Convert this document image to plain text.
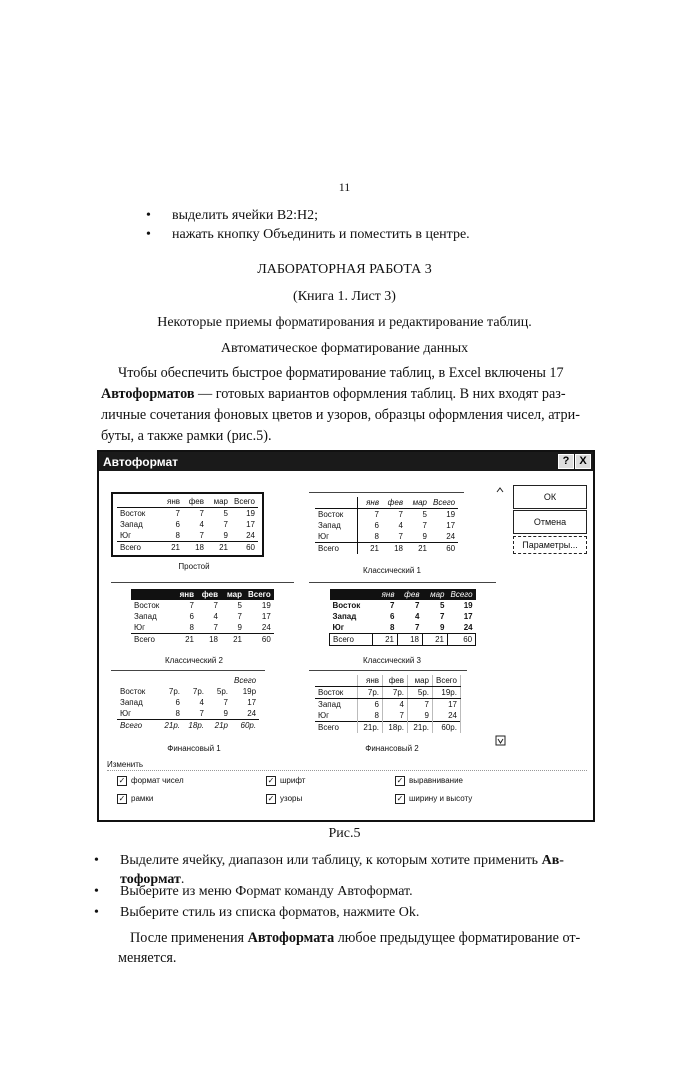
11
• выделить ячейки В2:Н2;
• нажать кнопку Объединить и поместить в центре.
ЛАБОРАТОРНАЯ РАБОТА 3
(Книга 1. Лист 3)
Некоторые приемы форматирования и редактирование таблиц.
Автоматическое форматирование данных
Чтобы обеспечить быстрое форматирование таблиц, в Excel включены 17
Автоформатов — готовых вариантов оформления таблиц. В них входят раз-
личные сочетания фоновых цветов и узоров, образцы оформления чисел, атри-
буты, а также рамки (рис.5).
Автоформат	? X
	янв	фев	мар	Всего
Восток	7	7	5	19
Запад	6	4	7	17
Юг	8	7	9	24
Всего	21	18	21	60
Простой
	янв	фев	мар	Всего
Восток	7	7	5	19
Запад	6	4	7	17
Юг	8	7	9	24
Всего	21	18	21	60
Классический 1
	янв	фев	мар	Всего
Восток	7	7	5	19
Запад	6	4	7	17
Юг	8	7	9	24
Всего	21	18	21	60
Классический 2
	янв	фев	мар	Всего
Восток	7	7	5	19
Запад	6	4	7	17
Юг	8	7	9	24
Всего	21	18	21	60
Классический 3
				Всего
Восток	7р.	7р.	5р.	19р
Запад	6	4	7	17
Юг	8	7	9	24
Всего	21р.	18р.	21р	60р.
Финансовый 1
	янв	фев	мар	Всего
Восток	7р.	7р.	5р.	19р.
Запад	6	4	7	17
Юг	8	7	9	24
Всего	21р.	18р.	21р.	60р.
Финансовый 2
ОК
Отмена
Параметры...
Изменить
✓ формат чисел
✓ рамки
✓ шрифт
✓ узоры
✓ выравнивание
✓ ширину и высоту
Рис.5
• Выделите ячейку, диапазон или таблицу, к которым хотите применить Ав-
тоформат.
• Выберите из меню Формат команду Автоформат.
• Выберите стиль из списка форматов, нажмите Ok.
После применения Автоформата любое предыдущее форматирование от-
меняется.
